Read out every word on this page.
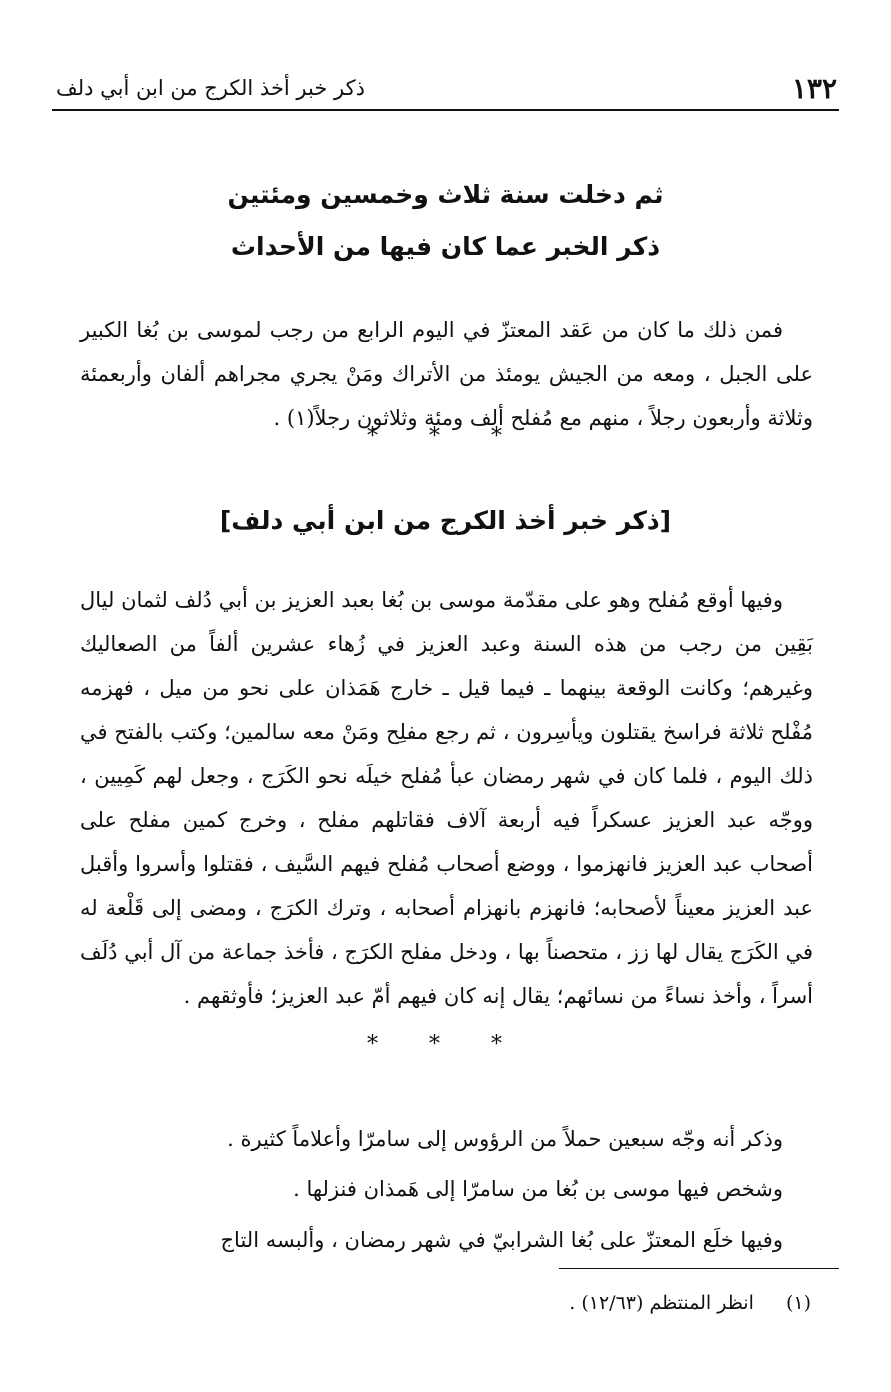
١٣٢
ذكر خبر أخذ الكرج من ابن أبي دلف
ثم دخلت سنة ثلاث وخمسين ومئتين
ذكر الخبر عما كان فيها من الأحداث

فمن ذلك ما كان من عَقد المعتزّ في اليوم الرابع من رجب لموسى بن بُغا الكبير على الجبل ، ومعه من الجيش يومئذ من الأتراك ومَنْ يجري مجراهم ألفان وأربعمئة وثلاثة وأربعون رجلاً ، منهم مع مُفلح ألف ومئة وثلاثون رجلاً(١) .

* * *
[ذكر خبر أخذ الكرج من ابن أبي دلف]

وفيها أوقع مُفلح وهو على مقدّمة موسى بن بُغا بعبد العزيز بن أبي دُلف لثمان ليال بَقِين من رجب من هذه السنة وعبد العزيز في زُهاء عشرين ألفاً من الصعاليك وغيرهم؛ وكانت الوقعة بينهما ـ فيما قيل ـ خارج هَمَذان على نحو من ميل ، فهزمه مُفْلح ثلاثة فراسخ يقتلون ويأسِرون ، ثم رجع مفلِح ومَنْ معه سالمين؛ وكتب بالفتح في ذلك اليوم ، فلما كان في شهر رمضان عبأ مُفلح خيلَه نحو الكَرَج ، وجعل لهم كَمِيين ، ووجّه عبد العزيز عسكراً فيه أربعة آلاف فقاتلهم مفلح ، وخرج كمين مفلح على أصحاب عبد العزيز فانهزموا ، ووضع أصحاب مُفلح فيهم السَّيف ، فقتلوا وأسروا وأقبل عبد العزيز معيناً لأصحابه؛ فانهزم بانهزام أصحابه ، وترك الكرَج ، ومضى إلى قَلْعة له في الكَرَج يقال لها زز ، متحصناً بها ، ودخل مفلح الكرَج ، فأخذ جماعة من آل أبي دُلَف أسراً ، وأخذ نساءً من نسائهم؛ يقال إنه كان فيهم أمّ عبد العزيز؛ فأوثقهم .

* * *

وذكر أنه وجّه سبعين حملاً من الرؤوس إلى سامرّا وأعلاماً كثيرة .

وشخص فيها موسى بن بُغا من سامرّا إلى هَمذان فنزلها .

وفيها خلَع المعتزّ على بُغا الشرابيّ في شهر رمضان ، وألبسه التاج

(١) انظر المنتظم (١٢/٦٣) .
